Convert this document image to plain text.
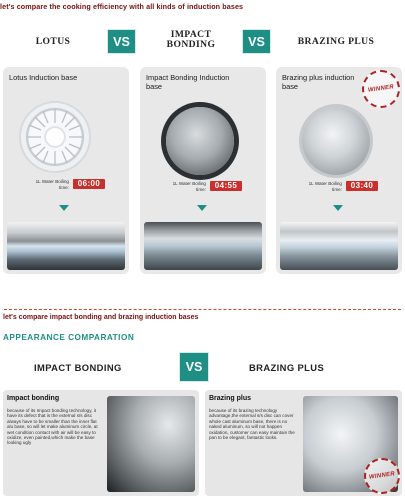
let's compare the cooking efficiency with all kinds of induction bases
LOTUS	VS	IMPACT BONDING	VS	BRAZING PLUS
Lotus Induction base
1L Water Boiling time:	06:00
Impact Bonding Induction base
1L Water Boiling time:	04:55
Brazing plus induction base
1L Water Boiling time:	03:40
WINNER
let's compare impact bonding and brazing induction bases
APPEARANCE COMPARATION
IMPACT BONDING	VS	BRAZING PLUS
Impact bonding
because of its Impact bonding technology, it have its defect that is the external s/s disc always have to be smaller than the inner flat alu base, so will let make aluminum circle, at wet condition contact with air will be easy to oxidize, even painted,which make the base looking ugly
Brazing plus
because of its brazing technology advantage,the external s/s disc can cover whole cast aluminum base, there is no naked aluminum, so will not happen oxidation, customer can easy maintain the pan to be elegant, fantastic looks.
WINNER
